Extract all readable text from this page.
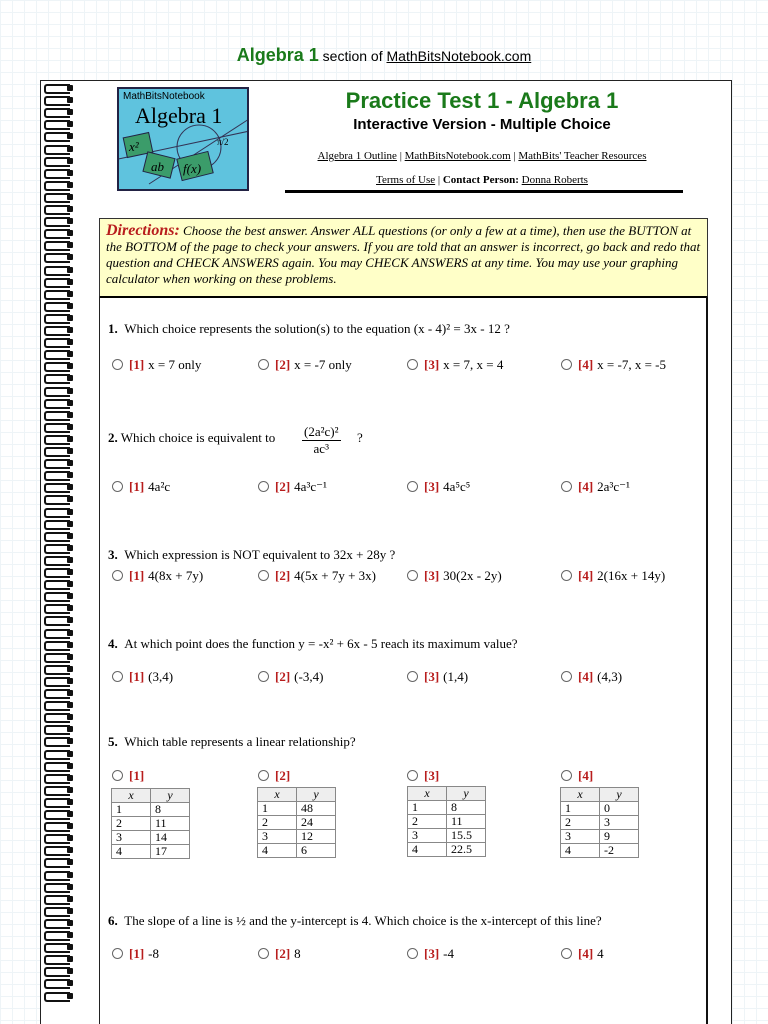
Algebra 1 section of MathBitsNotebook.com
x²
ab f(x)
π/2
MathBitsNotebook
Algebra 1
Practice Test 1 - Algebra 1
Interactive Version - Multiple Choice
Algebra 1 Outline | MathBitsNotebook.com | MathBits' Teacher Resources
Terms of Use | Contact Person: Donna Roberts
Directions: Choose the best answer. Answer ALL questions (or only a few at a time), then use the BUTTON at the BOTTOM of the page to check your answers. If you are told that an answer is incorrect, go back and redo that question and CHECK ANSWERS again. You may CHECK ANSWERS at any time. You may use your graphing calculator when working on these problems.
1. Which choice represents the solution(s) to the equation (x - 4)² = 3x - 12 ?
2. Which choice is equivalent to $\frac{\text{(2a²c)²}}{\text{ac³}}$ ?
3. Which expression is NOT equivalent to 32x + 28y ?
4. At which point does the function y = -x² + 6x - 5 reach its maximum value?
5. Which table represents a linear relationship?
6. The slope of a line is ½ and the y-intercept is 4. Which choice is the x-intercept of this line?
[1] x = 7 only	[2] x = -7 only	[3] x = 7, x = 4	[4] x = -7, x = -5
[1] 4a²c	[2] 4a³c⁻¹	[3] 4a⁵c⁵	[4] 2a³c⁻¹
[1] 4(8x + 7y)	[2] 4(5x + 7y + 3x)	[3] 30(2x - 2y)	[4] 2(16x + 14y)
[1] (3,4)	[2] (-3,4)	[3] (1,4)	[4] (4,3)
[1]	[2]	[3]	[4]
[1] -8	[2] 8	[3] -4	[4] 4
x	y
1	8
2	11
3	14
4	17
x	y
1	48
2	24
3	12
4	6
x	y
1	8
2	11
3	15.5
4	22.5
x	y
1	0
2	3
3	9
4	-2
